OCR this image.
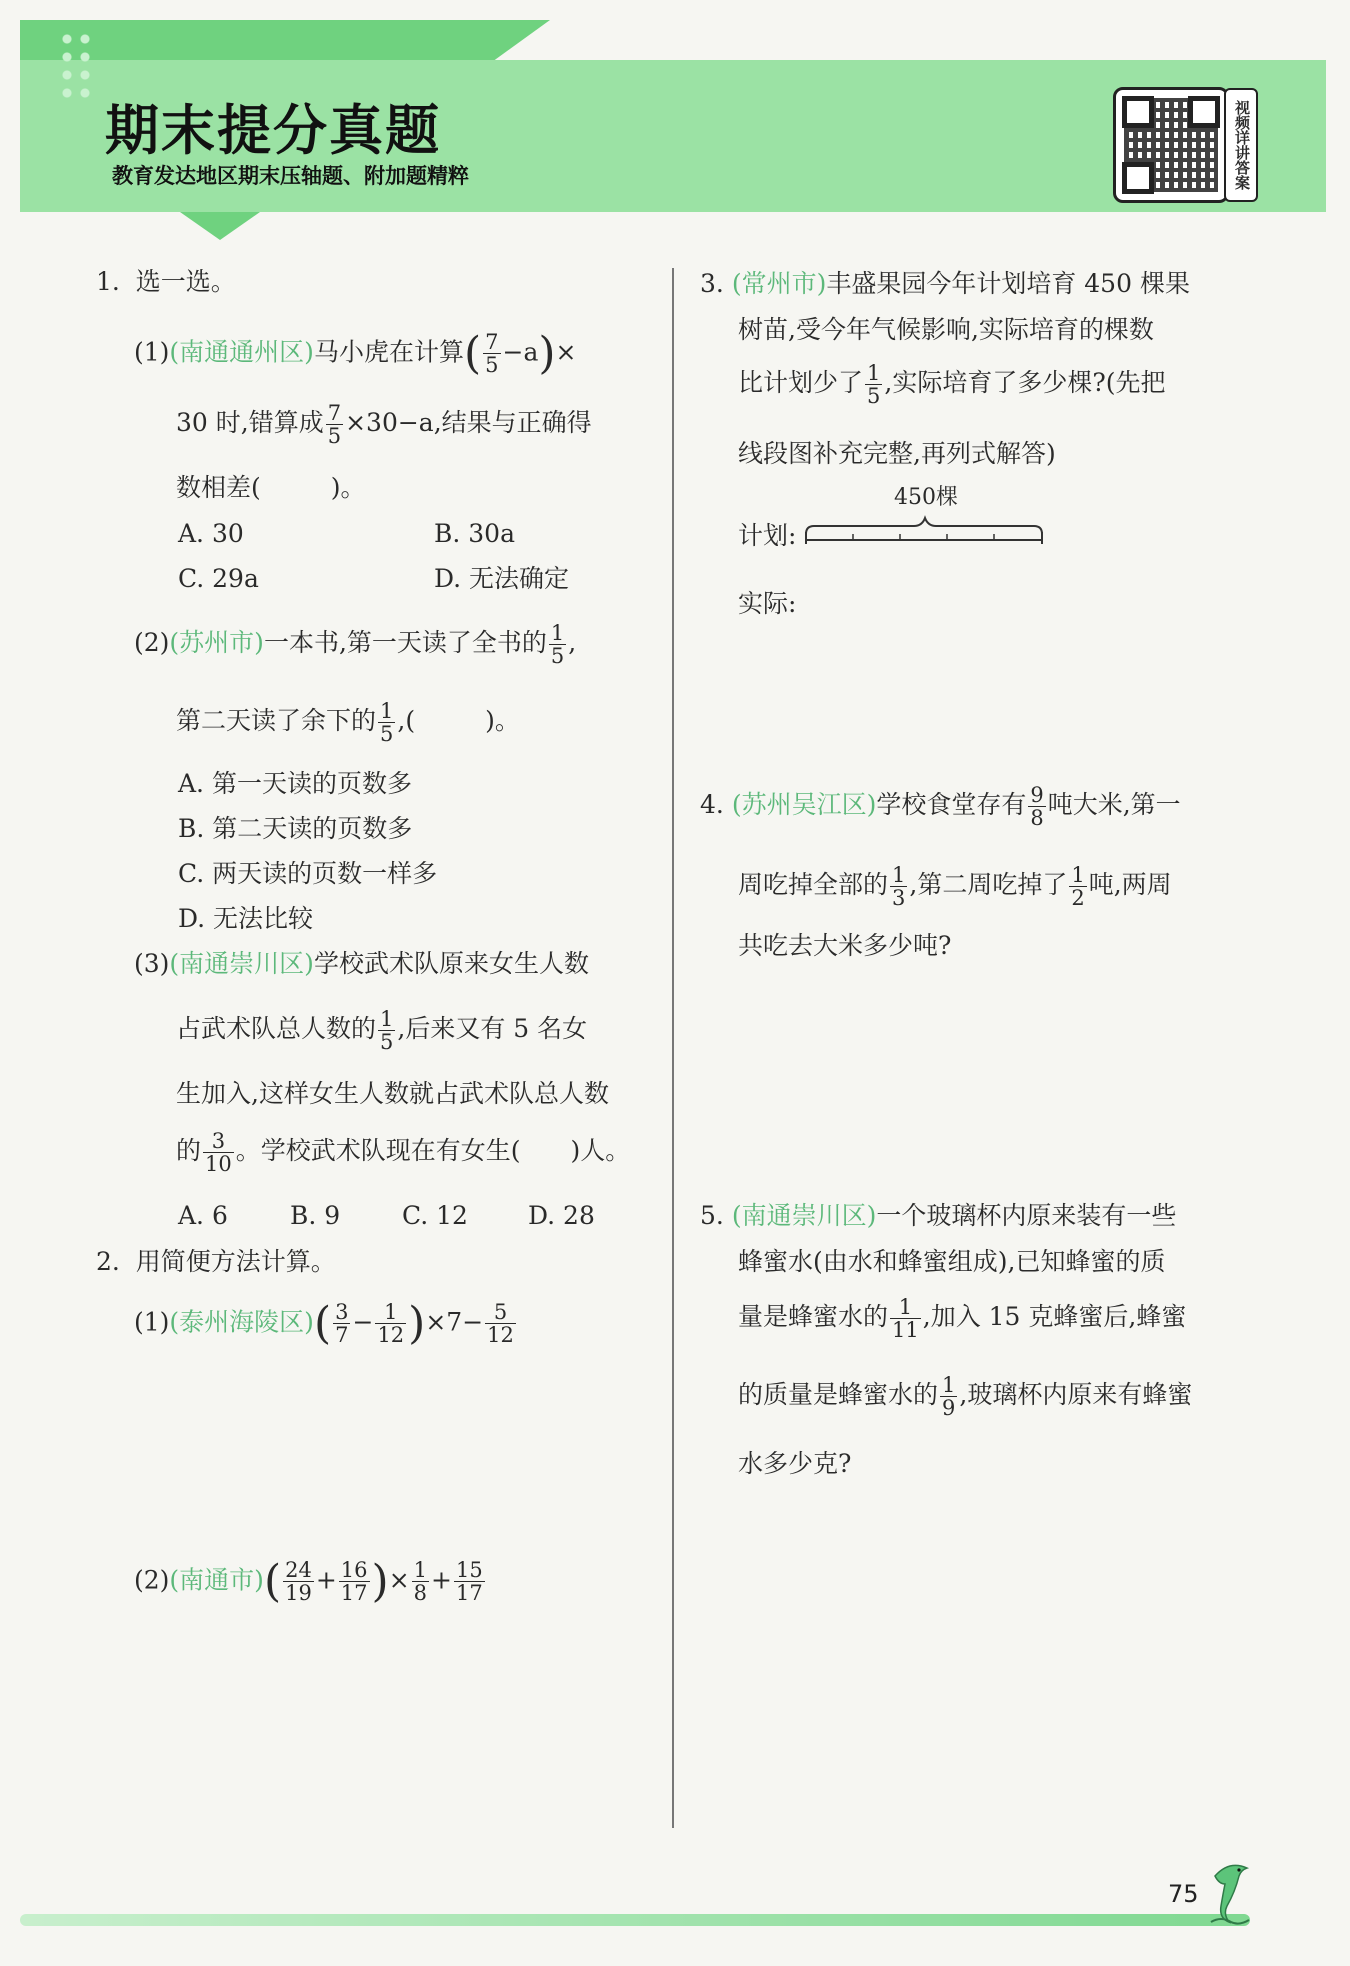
期末提分真题
教育发达地区期末压轴题、附加题精粹	视频详讲答案
1. 选一选。
(1)(南通通州区)马小虎在计算( $\frac{7}{5} -a)\times$
30 时,错算成 $\frac{7}{5} \times 30-a$,结果与正确得
数相差(	)。
A. 30	B. 30a
C. 29a	D. 无法确定
(2)(苏州市)一本书,第一天读了全书的 $\frac{1}{5}$ ,
第二天读了余下的 $\frac{1}{5}$ ,(	)。
A. 第一天读的页数多
B. 第二天读的页数多
C. 两天读的页数一样多
D. 无法比较
(3)(南通崇川区)学校武术队原来女生人数
占武术队总人数的 $\frac{1}{5}$ ,后来又有 5 名女
生加入,这样女生人数就占武术队总人数
的 $\frac{3}{10}$ 。学校武术队现在有女生( )人。
A. 6 B. 9 C. 12 D. 28
2. 用简便方法计算。
(1)(泰州海陵区)( $\frac{3}{7} - \frac{1}{12} )\times 7- \frac{5}{12}$
(2)(南通市)( $\frac{24}{19} + \frac{16}{17}$ )× $\frac{1}{8} + \frac{15}{17}$
3. (常州市)丰盛果园今年计划培育 450 棵果
树苗,受今年气候影响,实际培育的棵数
比计划少了 $\frac{1}{5}$ ,实际培育了多少棵?(先把
线段图补充完整,再列式解答)
450棵
计划:
实际:
4. (苏州吴江区)学校食堂存有 $\frac{9}{8}$ 吨大米,第一
周吃掉全部的 $\frac{1}{3}$ ,第二周吃掉了 $\frac{1}{2}$ 吨,两周
共吃去大米多少吨?
5. (南通崇川区)一个玻璃杯内原来装有一些
蜂蜜水(由水和蜂蜜组成),已知蜂蜜的质
量是蜂蜜水的 $\frac{1}{11}$ ,加入 15 克蜂蜜后,蜂蜜
的质量是蜂蜜水的 $\frac{1}{9}$ ,玻璃杯内原来有蜂蜜
水多少克?
75
